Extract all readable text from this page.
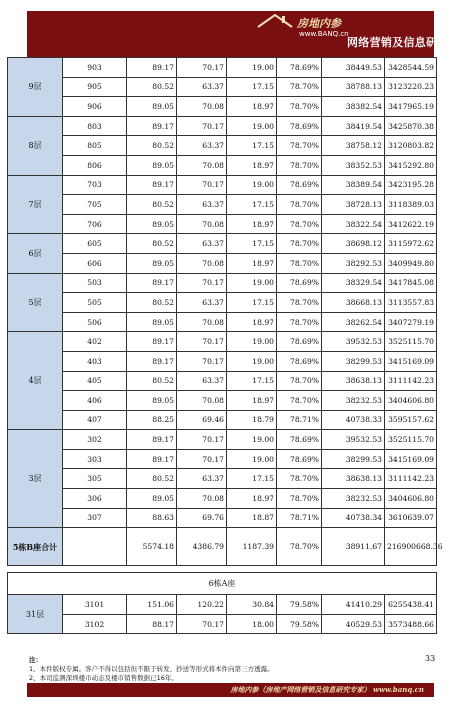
房地内参
www.BANQ.cn
网络营销及信息研究专家
9层	903	89.17	70.17	19.00	78.69%	38449.53	3428544.59	
	905	80.52	63.37	17.15	78.70%	38788.13	3123220.23	
	906	89.05	70.08	18.97	78.70%	38382.54	3417965.19	
8层	803	89.17	70.17	19.00	78.69%	38419.54	3425870.38	
	805	80.52	63.37	17.15	78.70%	38758.12	3120803.82	
	806	89.05	70.08	18.97	78.70%	38352.53	3415292.80	
7层	703	89.17	70.17	19.00	78.69%	38389.54	3423195.28	
	705	80.52	63.37	17.15	78.70%	38728.13	3118389.03	
	706	89.05	70.08	18.97	78.70%	38322.54	3412622.19	
6层	605	80.52	63.37	17.15	78.70%	38698.12	3115972.62	
	606	89.05	70.08	18.97	78.70%	38292.53	3409949.80	
5层	503	89.17	70.17	19.00	78.69%	38329.54	3417845.08	
	505	80.52	63.37	17.15	78.70%	38668.13	3113557.83	
	506	89.05	70.08	18.97	78.70%	38262.54	3407279.19	
4层	402	89.17	70.17	19.00	78.69%	39532.53	3525115.70	
	403	89.17	70.17	19.00	78.69%	38299.53	3415169.09	
	405	80.52	63.37	17.15	78.70%	38638.13	3111142.23	
	406	89.05	70.08	18.97	78.70%	38232.53	3404606.80	
	407	88.25	69.46	18.79	78.71%	40738.33	3595157.62	
3层	302	89.17	70.17	19.00	78.69%	39532.53	3525115.70	
	303	89.17	70.17	19.00	78.69%	38299.53	3415169.09	
	305	80.52	63.37	17.15	78.70%	38638.13	3111142.23	
	306	89.05	70.08	18.97	78.70%	38232.53	3404606.80	
	307	88.63	69.76	18.87	78.71%	40738.34	3610639.07	
5栋B座合计		5574.18	4386.79	1187.39	78.70%	38911.67	216900668.36	

6栋A座								
31层	3101	151.06	120.22	30.84	79.58%	41410.29	6255438.41	
	3102	88.17	70.17	18.00	79.58%	40529.53	3573488.66	
33
注：
1、本件版权专属。客户不得以包括但不限于转发、抄送等形式将本件向第三方透露。
2、本司监测深圳楼市动态及楼市销售数据已16年。
房地内参（房地产网络营销及信息研究专家） www.banq.cn
